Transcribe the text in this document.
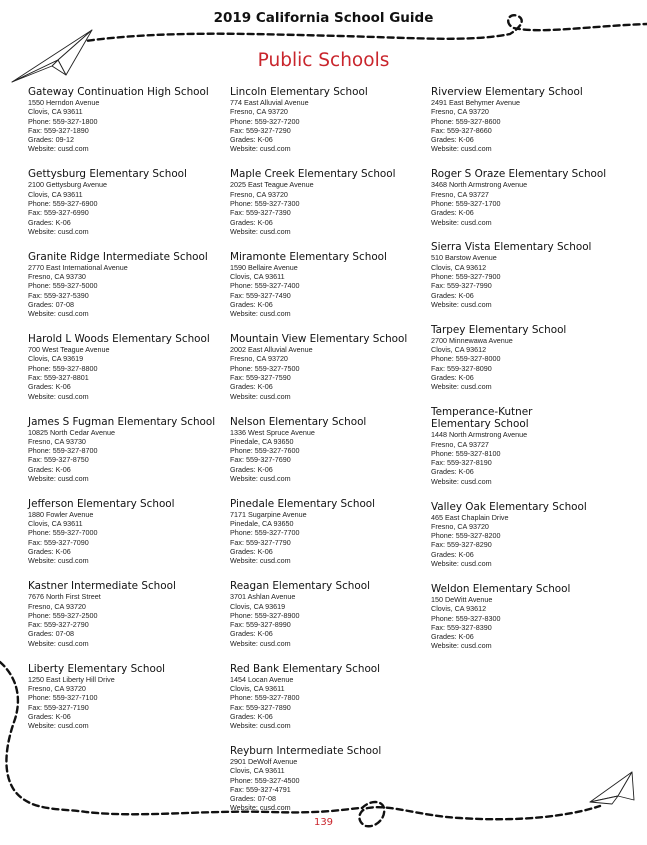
2019 California School Guide
Public Schools
Gateway Continuation High School
1550 Herndon Avenue
Clovis, CA 93611
Phone: 559-327-1800
Fax: 559-327-1890
Grades: 09-12
Website: cusd.com
Gettysburg Elementary School
2100 Gettysburg Avenue
Clovis, CA 93611
Phone: 559-327-6900
Fax: 559-327-6990
Grades: K-06
Website: cusd.com
Granite Ridge Intermediate School
2770 East International Avenue
Fresno, CA 93730
Phone: 559-327-5000
Fax: 559-327-5390
Grades: 07-08
Website: cusd.com
Harold L Woods Elementary School
700 West Teague Avenue
Clovis, CA 93619
Phone: 559-327-8800
Fax: 559-327-8801
Grades: K-06
Website: cusd.com
James S Fugman Elementary School
10825 North Cedar Avenue
Fresno, CA 93730
Phone: 559-327-8700
Fax: 559-327-8750
Grades: K-06
Website: cusd.com
Jefferson Elementary School
1880 Fowler Avenue
Clovis, CA 93611
Phone: 559-327-7000
Fax: 559-327-7090
Grades: K-06
Website: cusd.com
Kastner Intermediate School
7676 North First Street
Fresno, CA 93720
Phone: 559-327-2500
Fax: 559-327-2790
Grades: 07-08
Website: cusd.com
Liberty Elementary School
1250 East Liberty Hill Drive
Fresno, CA 93720
Phone: 559-327-7100
Fax: 559-327-7190
Grades: K-06
Website: cusd.com
Lincoln Elementary School
774 East Alluvial Avenue
Fresno, CA 93720
Phone: 559-327-7200
Fax: 559-327-7290
Grades: K-06
Website: cusd.com
Maple Creek Elementary School
2025 East Teague Avenue
Fresno, CA 93720
Phone: 559-327-7300
Fax: 559-327-7390
Grades: K-06
Website: cusd.com
Miramonte Elementary School
1590 Bellaire Avenue
Clovis, CA 93611
Phone: 559-327-7400
Fax: 559-327-7490
Grades: K-06
Website: cusd.com
Mountain View Elementary School
2002 East Alluvial Avenue
Fresno, CA 93720
Phone: 559-327-7500
Fax: 559-327-7590
Grades: K-06
Website: cusd.com
Nelson Elementary School
1336 West Spruce Avenue
Pinedale, CA 93650
Phone: 559-327-7600
Fax: 559-327-7690
Grades: K-06
Website: cusd.com
Pinedale Elementary School
7171 Sugarpine Avenue
Pinedale, CA 93650
Phone: 559-327-7700
Fax: 559-327-7790
Grades: K-06
Website: cusd.com
Reagan Elementary School
3701 Ashlan Avenue
Clovis, CA 93619
Phone: 559-327-8900
Fax: 559-327-8990
Grades: K-06
Website: cusd.com
Red Bank Elementary School
1454 Locan Avenue
Clovis, CA 93611
Phone: 559-327-7800
Fax: 559-327-7890
Grades: K-06
Website: cusd.com
Reyburn Intermediate School
2901 DeWolf Avenue
Clovis, CA 93611
Phone: 559-327-4500
Fax: 559-327-4791
Grades: 07-08
Website: cusd.com
Riverview Elementary School
2491 East Behymer Avenue
Fresno, CA 93720
Phone: 559-327-8600
Fax: 559-327-8660
Grades: K-06
Website: cusd.com
Roger S Oraze Elementary School
3468 North Armstrong Avenue
Fresno, CA 93727
Phone: 559-327-1700
Grades: K-06
Website: cusd.com
Sierra Vista Elementary School
510 Barstow Avenue
Clovis, CA 93612
Phone: 559-327-7900
Fax: 559-327-7990
Grades: K-06
Website: cusd.com
Tarpey Elementary School
2700 Minnewawa Avenue
Clovis, CA 93612
Phone: 559-327-8000
Fax: 559-327-8090
Grades: K-06
Website: cusd.com
Temperance-Kutner Elementary School
1448 North Armstrong Avenue
Fresno, CA 93727
Phone: 559-327-8100
Fax: 559-327-8190
Grades: K-06
Website: cusd.com
Valley Oak Elementary School
465 East Chaplain Drive
Fresno, CA 93720
Phone: 559-327-8200
Fax: 559-327-8290
Grades: K-06
Website: cusd.com
Weldon Elementary School
150 DeWitt Avenue
Clovis, CA 93612
Phone: 559-327-8300
Fax: 559-327-8390
Grades: K-06
Website: cusd.com
139
